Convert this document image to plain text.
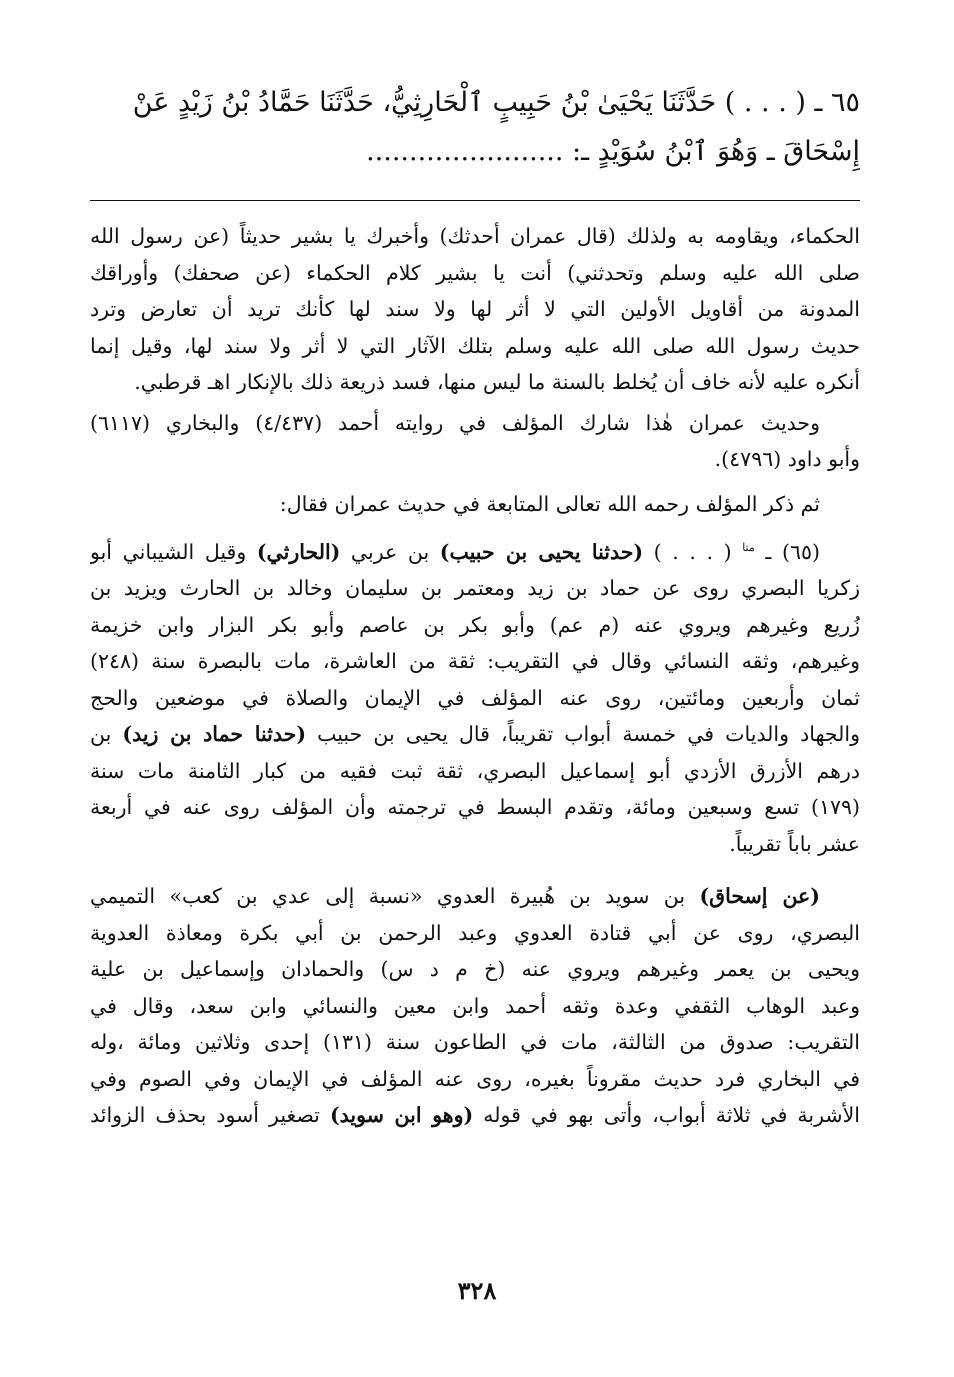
٦٥ ـ ( . . . ) حَدَّثَنَا يَحْيَىٰ بْنُ حَبِيبٍ ٱلْحَارِثِيُّ، حَدَّثَنَا حَمَّادُ بْنُ زَيْدٍ عَنْ
إِسْحَاقَ ـ وَهُوَ ٱبْنُ سُوَيْدٍ ـ: .......................

الحكماء، ويقاومه به ولذلك (قال عمران أحدثك) وأخبرك يا بشير حديثاً (عن رسول الله
صلى الله عليه وسلم وتحدثني) أنت يا بشير كلام الحكماء (عن صحفك) وأوراقك
المدونة من أقاويل الأولين التي لا أثر لها ولا سند لها كأنك تريد أن تعارض وترد
حديث رسول الله صلى الله عليه وسلم بتلك الآثار التي لا أثر ولا سند لها، وقيل إنما
أنكره عليه لأنه خاف أن يُخلط بالسنة ما ليس منها، فسد ذريعة ذلك بالإنكار اهـ قرطبي.

وحديث عمران هٰذا شارك المؤلف في روايته أحمد (٤/٤٣٧) والبخاري (٦١١٧)
وأبو داود (٤٧٩٦).

ثم ذكر المؤلف رحمه الله تعالى المتابعة في حديث عمران فقال:

(٦٥) ـ $^{متا}$ ( . . . ) (حدثنا يحيى بن حبيب) بن عربي (الحارثي) وقيل الشيباني أبو
زكريا البصري روى عن حماد بن زيد ومعتمر بن سليمان وخالد بن الحارث ويزيد بن
زُريع وغيرهم ويروي عنه (م عم) وأبو بكر بن عاصم وأبو بكر البزار وابن خزيمة
وغيرهم، وثقه النسائي وقال في التقريب: ثقة من العاشرة، مات بالبصرة سنة (٢٤٨)
ثمان وأربعين ومائتين، روى عنه المؤلف في الإيمان والصلاة في موضعين والحج
والجهاد والديات في خمسة أبواب تقريباً، قال يحيى بن حبيب (حدثنا حماد بن زيد) بن
درهم الأزرق الأزدي أبو إسماعيل البصري، ثقة ثبت فقيه من كبار الثامنة مات سنة
(١٧٩) تسع وسبعين ومائة، وتقدم البسط في ترجمته وأن المؤلف روى عنه في أربعة
عشر باباً تقريباً.

(عن إسحاق) بن سويد بن هُبيرة العدوي «نسبة إلى عدي بن كعب» التميمي
البصري، روى عن أبي قتادة العدوي وعبد الرحمن بن أبي بكرة ومعاذة العدوية
ويحيى بن يعمر وغيرهم ويروي عنه (خ م د س) والحمادان وإسماعيل بن علية
وعبد الوهاب الثقفي وعدة وثقه أحمد وابن معين والنسائي وابن سعد، وقال في
التقريب: صدوق من الثالثة، مات في الطاعون سنة (١٣١) إحدى وثلاثين ومائة ،وله
في البخاري فرد حديث مقروناً بغيره، روى عنه المؤلف في الإيمان وفي الصوم وفي
الأشربة في ثلاثة أبواب، وأتى بهو في قوله (وهو ابن سويد) تصغير أسود بحذف الزوائد

٣٢٨
